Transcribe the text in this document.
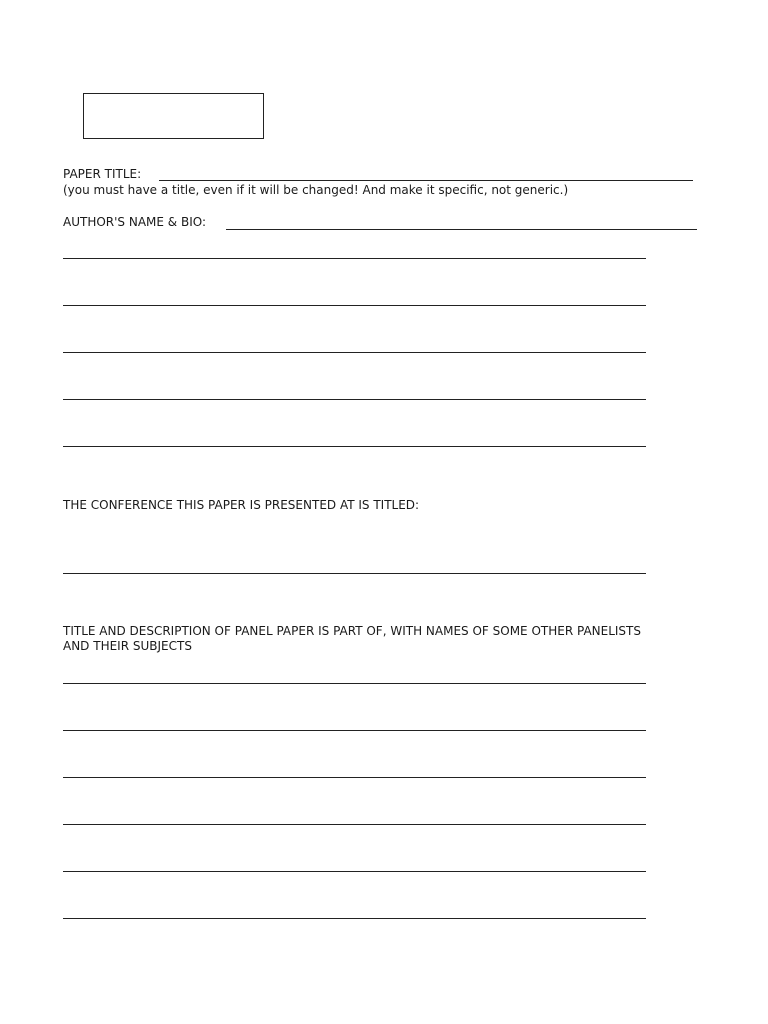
PAPER TITLE:
(you must have a title, even if it will be changed! And make it specific, not generic.)
AUTHOR'S NAME & BIO:
THE CONFERENCE THIS PAPER IS PRESENTED AT IS TITLED:
TITLE AND DESCRIPTION OF PANEL PAPER IS PART OF, WITH NAMES OF SOME OTHER PANELISTS
AND THEIR SUBJECTS
